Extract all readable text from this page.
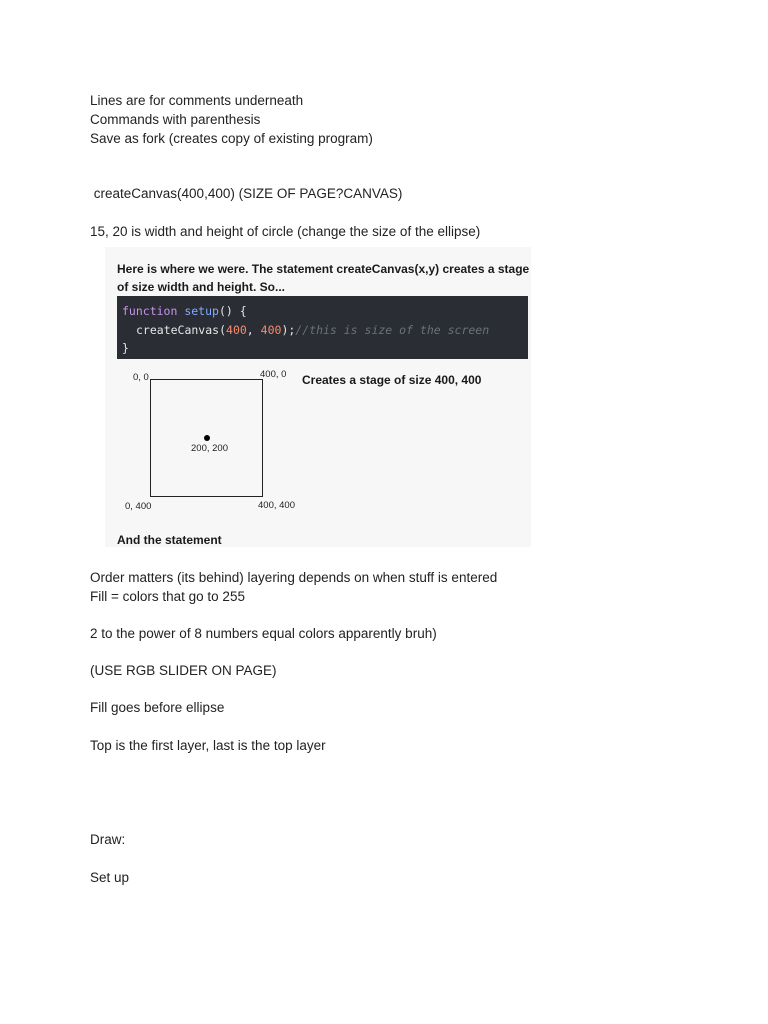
Lines are for comments underneath

Commands with parenthesis

Save as fork (creates copy of existing program)

createCanvas(400,400) (SIZE OF PAGE?CANVAS)

15, 20 is width and height of circle (change the size of the ellipse)

Here is where we were. The statement createCanvas(x,y) creates a stage
of size width and height. So...
function setup() {
createCanvas(400, 400);//this is size of the screen
}
0, 0	400, 0
200, 200
0, 400	400, 400
Creates a stage of size 400, 400
And the statement

Order matters (its behind) layering depends on when stuff is entered

Fill = colors that go to 255

2 to the power of 8 numbers equal colors apparently bruh)

(USE RGB SLIDER ON PAGE)

Fill goes before ellipse

Top is the first layer, last is the top layer

Draw:

Set up
